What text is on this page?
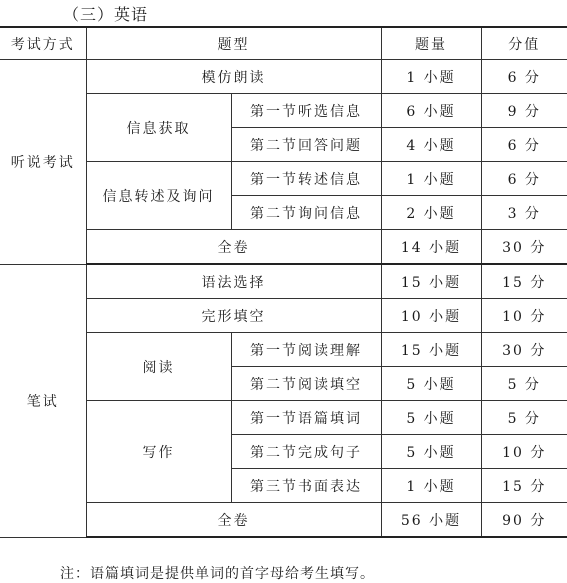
（三）英语
考试方式	题型		题量	分值
听说考试	模仿朗读		1 小题	6 分
	信息获取	第一节听选信息	6 小题	9 分
		第二节回答问题	4 小题	6 分
	信息转述及询问	第一节转述信息	1 小题	6 分
		第二节询问信息	2 小题	3 分
	全卷		14 小题	30 分
笔试	语法选择		15 小题	15 分
	完形填空		10 小题	10 分
	阅读	第一节阅读理解	15 小题	30 分
		第二节阅读填空	5 小题	5 分
	写作	第一节语篇填词	5 小题	5 分
		第二节完成句子	5 小题	10 分
		第三节书面表达	1 小题	15 分
	全卷		56 小题	90 分
注：语篇填词是提供单词的首字母给考生填写。
